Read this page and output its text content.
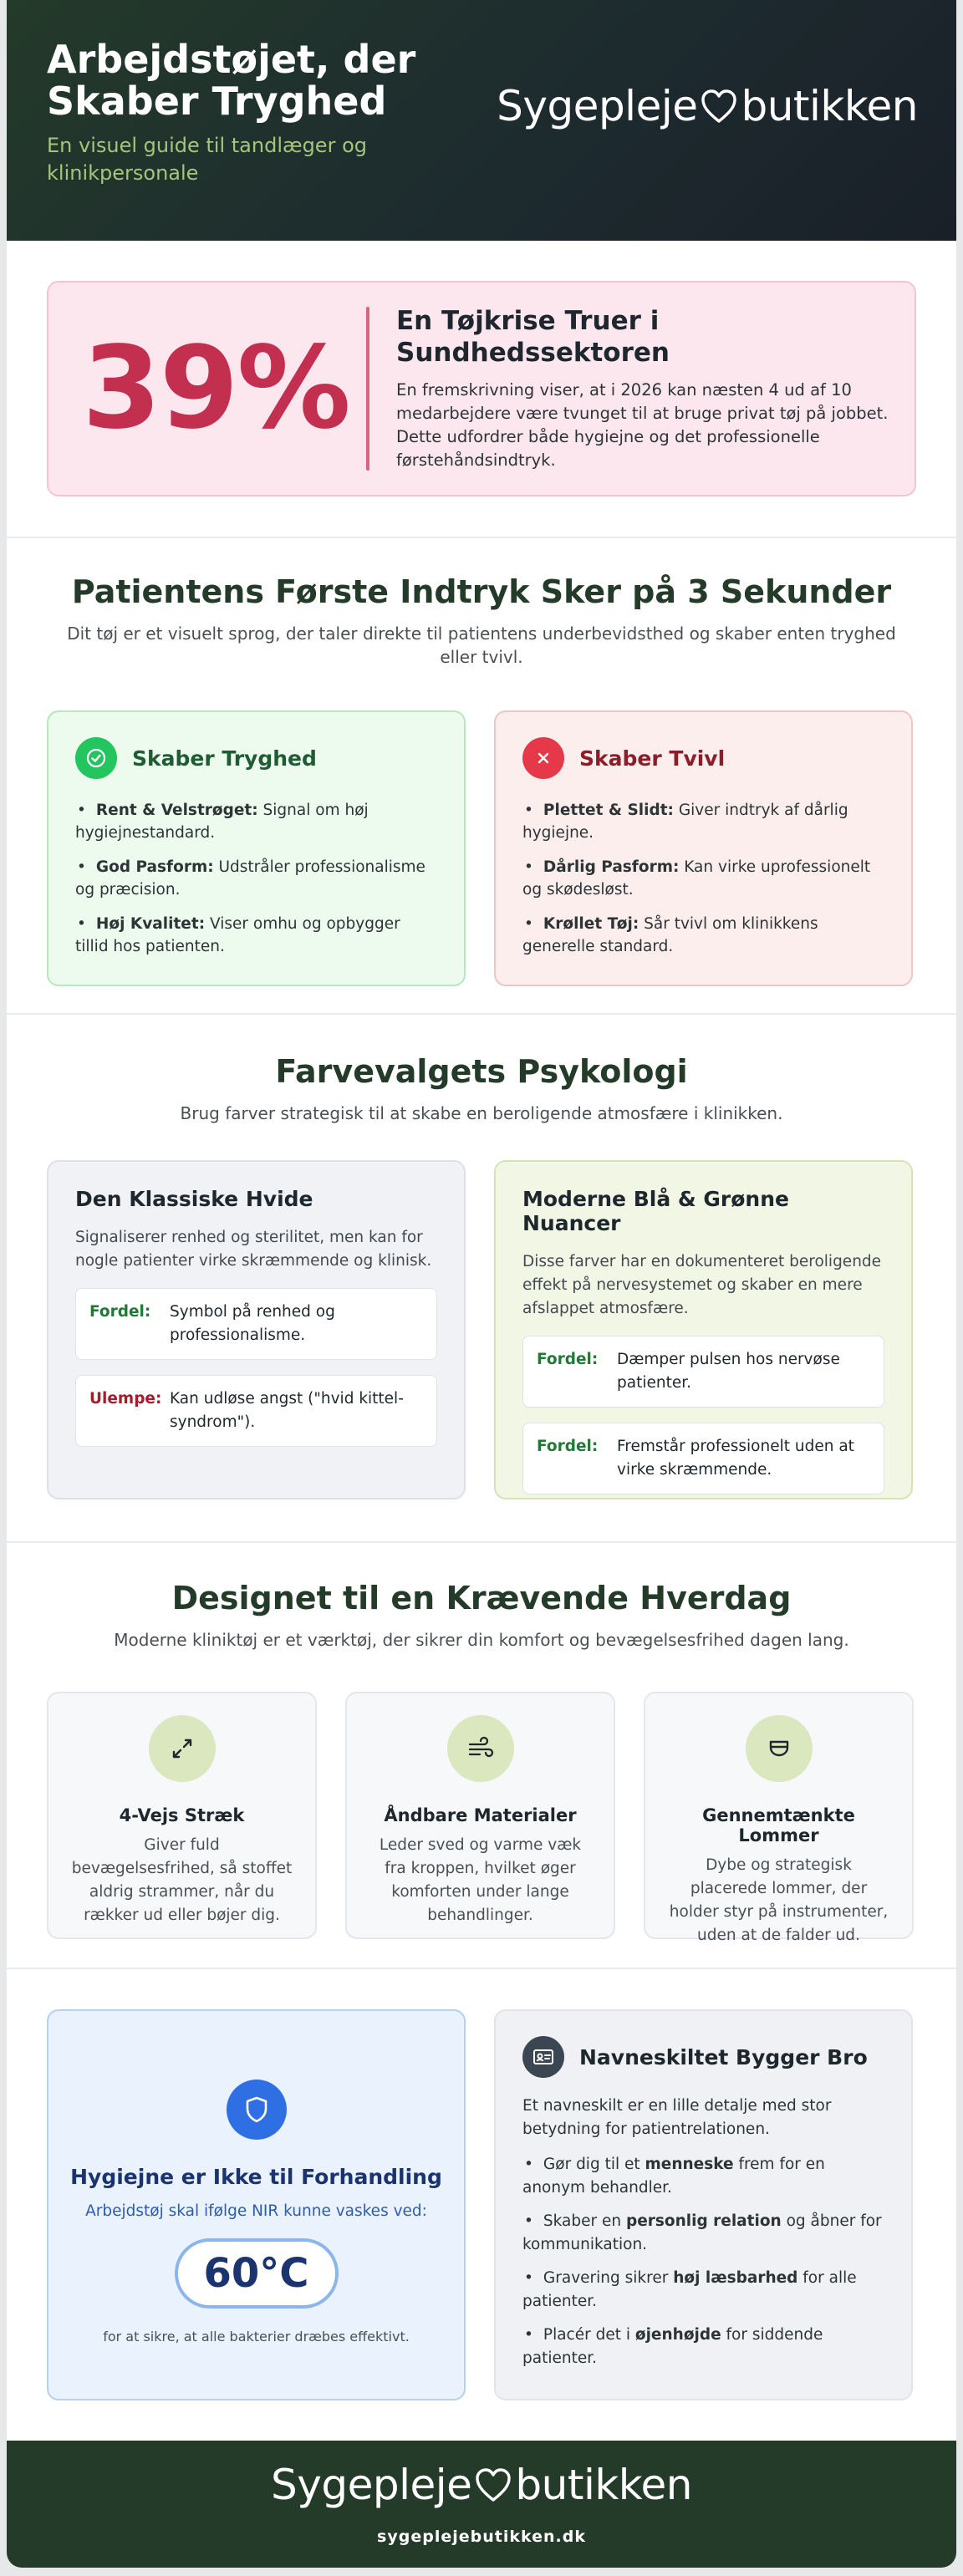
Arbejdstøjet, der Skaber Tryghed

En visuel guide til tandlæger og klinikpersonale

Sygepleje butikken
39%
En Tøjkrise Truer i Sundhedssektoren

En fremskrivning viser, at i 2026 kan næsten 4 ud af 10 medarbejdere være tvunget til at bruge privat tøj på jobbet. Dette udfordrer både hygiejne og det professionelle førstehåndsindtryk.

Patientens Første Indtryk Sker på 3 Sekunder

Dit tøj er et visuelt sprog, der taler direkte til patientens underbevidsthed og skaber enten tryghed eller tvivl.

Skaber Tryghed
• Rent & Velstrøget: Signal om høj hygiejnestandard.
• God Pasform: Udstråler professionalisme og præcision.
• Høj Kvalitet: Viser omhu og opbygger tillid hos patienten.
Skaber Tvivl
• Plettet & Slidt: Giver indtryk af dårlig hygiejne.
• Dårlig Pasform: Kan virke uprofessionelt og skødesløst.
• Krøllet Tøj: Sår tvivl om klinikkens generelle standard.
Farvevalgets Psykologi

Brug farver strategisk til at skabe en beroligende atmosfære i klinikken.

Den Klassiske Hvide

Signaliserer renhed og sterilitet, men kan for nogle patienter virke skræmmende og klinisk.

Fordel:	Symbol på renhed og professionalisme.
Ulempe: Kan udløse angst ("hvid kittel-syndrom").
Moderne Blå & Grønne Nuancer

Disse farver har en dokumenteret beroligende effekt på nervesystemet og skaber en mere afslappet atmosfære.

Fordel:	Dæmper pulsen hos nervøse patienter.
Fordel:	Fremstår professionelt uden at virke skræmmende.
Designet til en Krævende Hverdag

Moderne kliniktøj er et værktøj, der sikrer din komfort og bevægelsesfrihed dagen lang.

4-Vejs Stræk

Giver fuld bevægelsesfrihed, så stoffet aldrig strammer, når du rækker ud eller bøjer dig.

Åndbare Materialer

Leder sved og varme væk fra kroppen, hvilket øger komforten under lange behandlinger.

Gennemtænkte Lommer

Dybe og strategisk placerede lommer, der holder styr på instrumenter, uden at de falder ud.

Hygiejne er Ikke til Forhandling

Arbejdstøj skal ifølge NIR kunne vaskes ved:

60°C

for at sikre, at alle bakterier dræbes effektivt.

Navneskiltet Bygger Bro

Et navneskilt er en lille detalje med stor betydning for patientrelationen.

• Gør dig til et menneske frem for en anonym behandler.
• Skaber en personlig relation og åbner for kommunikation.
• Gravering sikrer høj læsbarhed for alle patienter.
• Placér det i øjenhøjde for siddende patienter.
Sygepleje butikken
sygeplejebutikken.dk
